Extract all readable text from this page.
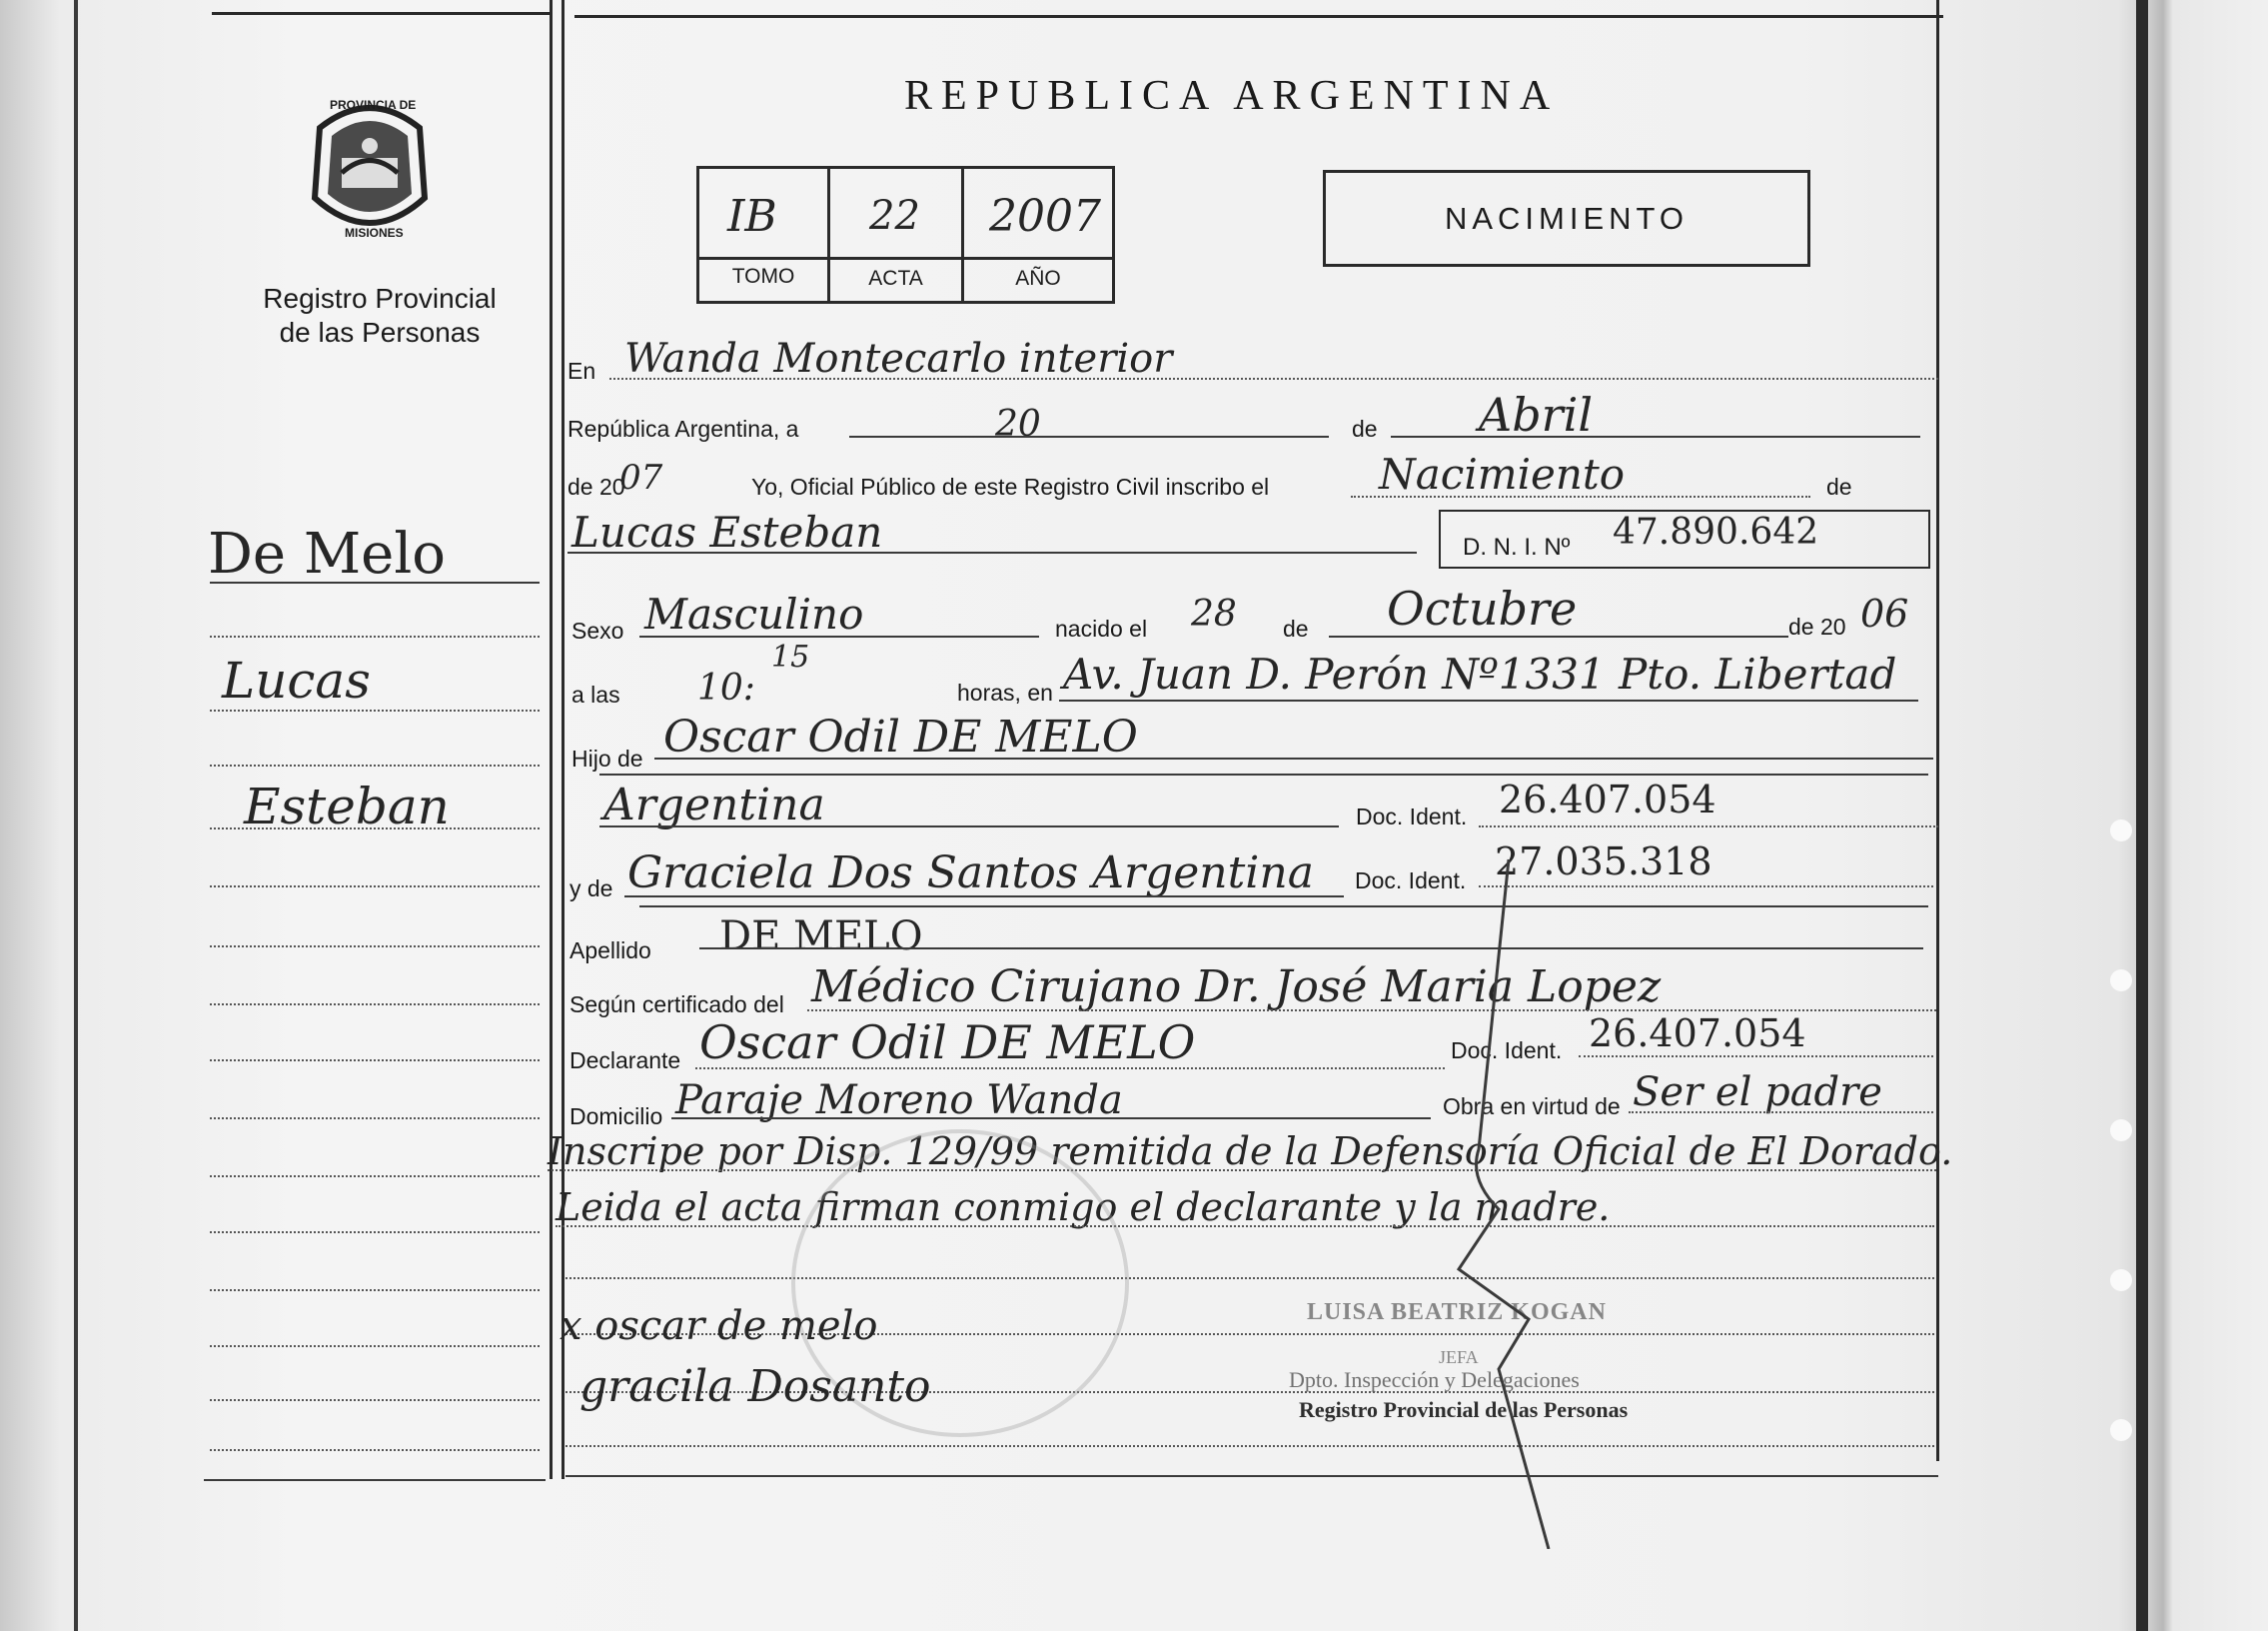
PROVINCIA DE
MISIONES
Registro Provincial
de las Personas
REPUBLICA ARGENTINA
IB 22 2007
TOMO	ACTA	AÑO
NACIMIENTO
De Melo
Lucas
Esteban
En Wanda Montecarlo interior
República Argentina, a	20	de Abril
de 20
07	Yo, Oficial Público de este Registro Civil inscribo el	Nacimiento	de
Lucas Esteban	D. N. I. Nº 47.890.642
Sexo Masculino	nacido el 28 de Octubre	de 20 06
a las 10:
15
horas, en Av. Juan D. Perón Nº1331 Pto. Libertad
Hijo de Oscar Odil DE MELO
Argentina	Doc. Ident. 26.407.054
y de Graciela Dos Santos Argentina Doc. Ident. 27.035.318
Apellido DE MELO
Según certificado del Médico Cirujano Dr. José Maria Lopez
Declarante Oscar Odil DE MELO	Doc. Ident. 26.407.054
Domicilio Paraje Moreno Wanda	Obra en virtud de Ser el padre
Inscripe por Disp. 129/99 remitida de la Defensoría Oficial de El Dorado.
Leida el acta firman conmigo el declarante y la madre.
x oscar de melo
gracila Dosanto
LUISA BEATRIZ KOGAN
JEFA
Dpto. Inspección y Delegaciones
Registro Provincial de las Personas
